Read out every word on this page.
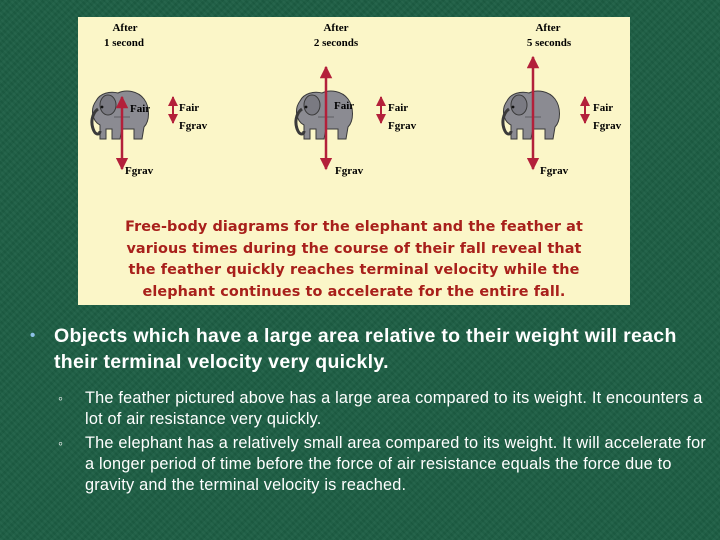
After
1 second
Fair
Fgrav
Fair
Fgrav
After
2 seconds
Fair
Fgrav
Fair
Fgrav
After
5 seconds
Fgrav
Fair
Fgrav
Free-body diagrams for the elephant and the feather at
various times during the course of their fall reveal that
the feather quickly reaches terminal velocity while the
elephant continues to accelerate for the entire fall.
• Objects which have a large area relative to their weight will reach their terminal velocity very quickly.
◦ The feather pictured above has a large area compared to its weight. It encounters a lot of air resistance very quickly.
◦ The elephant has a relatively small area compared to its weight. It will accelerate for a longer period of time before the force of air resistance equals the force due to gravity and the terminal velocity is reached.
